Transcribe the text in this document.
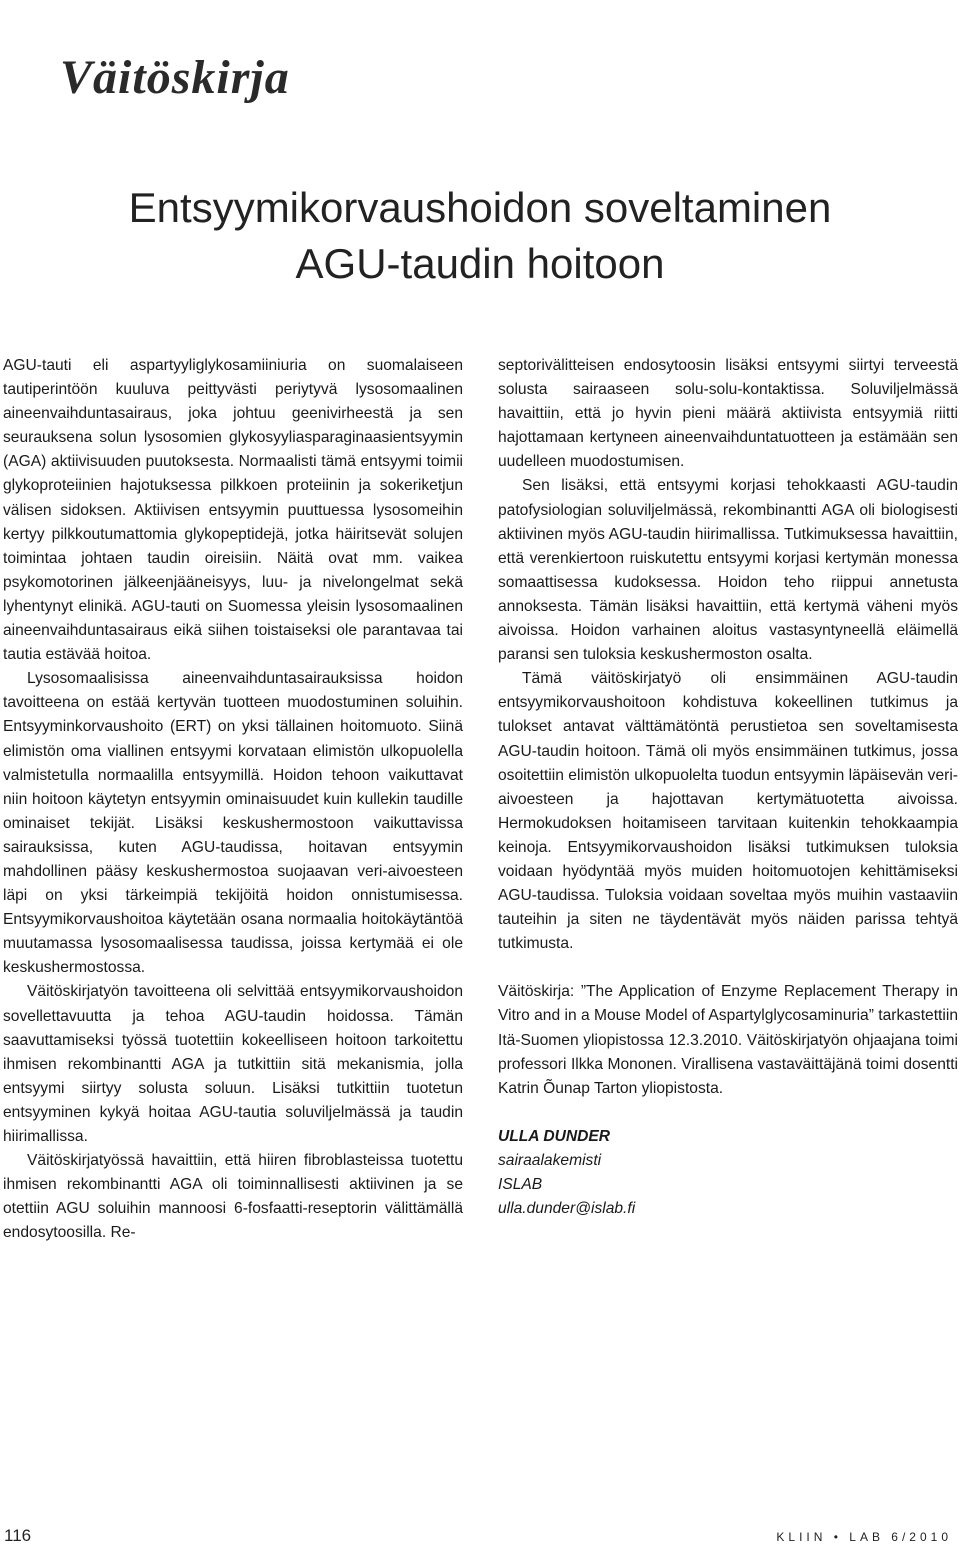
Väitöskirja
Entsyymikorvaushoidon soveltaminen
AGU-taudin hoitoon

AGU-tauti eli aspartyyliglykosamiiniuria on suomalaiseen tautiperintöön kuuluva peittyvästi periytyvä lysosomaalinen aineenvaihduntasairaus, joka johtuu geenivirheestä ja sen seurauksena solun lysosomien glykosyyliasparaginaasientsyymin (AGA) aktiivisuuden puutoksesta. Normaalisti tämä entsyymi toimii glykoproteiinien hajotuksessa pilkkoen proteiinin ja sokeriketjun välisen sidoksen. Aktiivisen entsyymin puuttuessa lysosomeihin kertyy pilkkoutumattomia glykopeptidejä, jotka häiritsevät solujen toimintaa johtaen taudin oireisiin. Näitä ovat mm. vaikea psykomotorinen jälkeenjääneisyys, luu- ja nivelongelmat sekä lyhentynyt elinikä. AGU-tauti on Suomessa yleisin lysosomaalinen aineenvaihduntasairaus eikä siihen toistaiseksi ole parantavaa tai tautia estävää hoitoa.

Lysosomaalisissa aineenvaihduntasairauksissa hoidon tavoitteena on estää kertyvän tuotteen muodostuminen soluihin. Entsyyminkorvaushoito (ERT) on yksi tällainen hoitomuoto. Siinä elimistön oma viallinen entsyymi korvataan elimistön ulkopuolella valmistetulla normaalilla entsyymillä. Hoidon tehoon vaikuttavat niin hoitoon käytetyn entsyymin ominaisuudet kuin kullekin taudille ominaiset tekijät. Lisäksi keskushermostoon vaikuttavissa sairauksissa, kuten AGU-taudissa, hoitavan entsyymin mahdollinen pääsy keskushermostoa suojaavan veri-aivoesteen läpi on yksi tärkeimpiä tekijöitä hoidon onnistumisessa. Entsyymikorvaushoitoa käytetään osana normaalia hoitokäytäntöä muutamassa lysosomaalisessa taudissa, joissa kertymää ei ole keskushermostossa.

Väitöskirjatyön tavoitteena oli selvittää entsyymikorvaushoidon sovellettavuutta ja tehoa AGU-taudin hoidossa. Tämän saavuttamiseksi työssä tuotettiin kokeelliseen hoitoon tarkoitettu ihmisen rekombinantti AGA ja tutkittiin sitä mekanismia, jolla entsyymi siirtyy solusta soluun. Lisäksi tutkittiin tuotetun entsyyminen kykyä hoitaa AGU-tautia soluviljelmässä ja taudin hiirimallissa.

Väitöskirjatyössä havaittiin, että hiiren fibroblasteissa tuotettu ihmisen rekombinantti AGA oli toiminnallisesti aktiivinen ja se otettiin AGU soluihin mannoosi 6-fosfaatti-reseptorin välittämällä endosytoosilla. Re-

septorivälitteisen endosytoosin lisäksi entsyymi siirtyi terveestä solusta sairaaseen solu-solu-kontaktissa. Soluviljelmässä havaittiin, että jo hyvin pieni määrä aktiivista entsyymiä riitti hajottamaan kertyneen aineenvaihduntatuotteen ja estämään sen uudelleen muodostumisen.

Sen lisäksi, että entsyymi korjasi tehokkaasti AGU-taudin patofysiologian soluviljelmässä, rekombinantti AGA oli biologisesti aktiivinen myös AGU-taudin hiirimallissa. Tutkimuksessa havaittiin, että verenkiertoon ruiskutettu entsyymi korjasi kertymän monessa somaattisessa kudoksessa. Hoidon teho riippui annetusta annoksesta. Tämän lisäksi havaittiin, että kertymä väheni myös aivoissa. Hoidon varhainen aloitus vastasyntyneellä eläimellä paransi sen tuloksia keskushermoston osalta.

Tämä väitöskirjatyö oli ensimmäinen AGU-taudin entsyymikorvaushoitoon kohdistuva kokeellinen tutkimus ja tulokset antavat välttämätöntä perustietoa sen soveltamisesta AGU-taudin hoitoon. Tämä oli myös ensimmäinen tutkimus, jossa osoitettiin elimistön ulkopuolelta tuodun entsyymin läpäisevän veri-aivoesteen ja hajottavan kertymätuotetta aivoissa. Hermokudoksen hoitamiseen tarvitaan kuitenkin tehokkaampia keinoja. Entsyymikorvaushoidon lisäksi tutkimuksen tuloksia voidaan hyödyntää myös muiden hoitomuotojen kehittämiseksi AGU-taudissa. Tuloksia voidaan soveltaa myös muihin vastaaviin tauteihin ja siten ne täydentävät myös näiden parissa tehtyä tutkimusta.

Väitöskirja: ”The Application of Enzyme Replacement Therapy in Vitro and in a Mouse Model of Aspartylglycosaminuria” tarkastettiin Itä-Suomen yliopistossa 12.3.2010. Väitöskirjatyön ohjaajana toimi professori Ilkka Mononen. Virallisena vastaväittäjänä toimi dosentti Katrin Õunap Tarton yliopistosta.

ULLA DUNDER
sairaalakemisti
ISLAB
ulla.dunder@islab.fi
116	KLIIN • LAB 6/2010
